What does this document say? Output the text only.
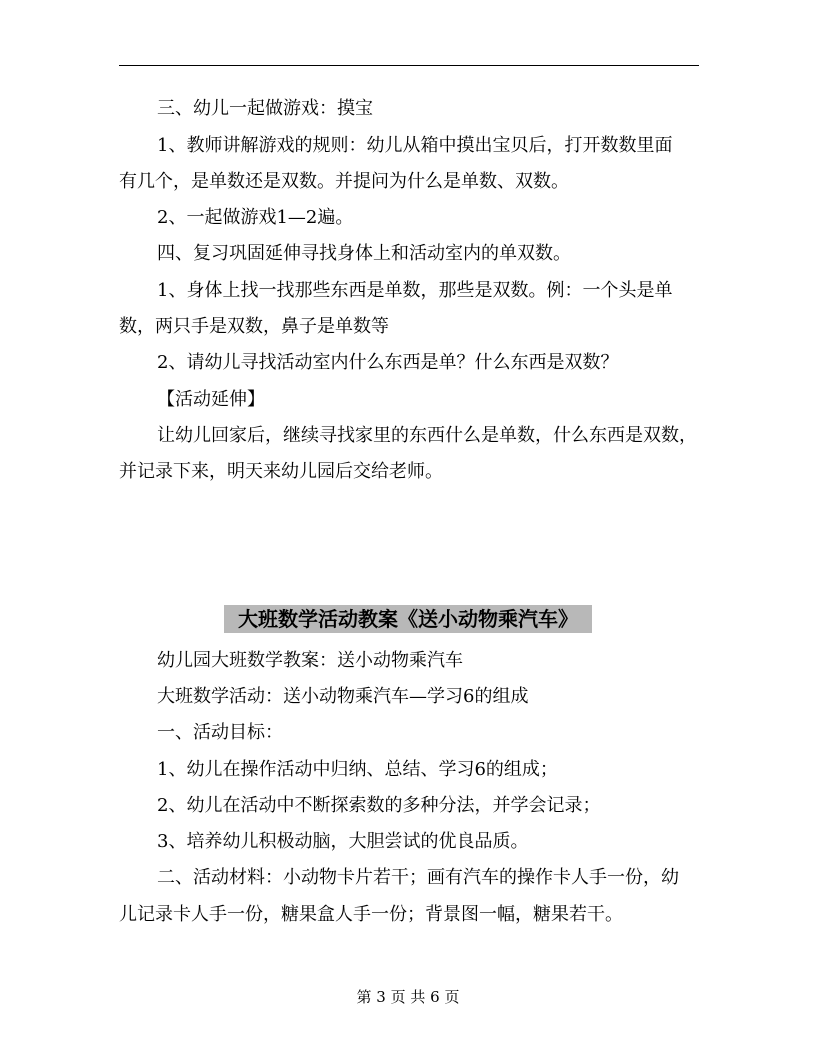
三、幼儿一起做游戏：摸宝
1、教师讲解游戏的规则：幼儿从箱中摸出宝贝后，打开数数里面
有几个，是单数还是双数。并提问为什么是单数、双数。
2、一起做游戏1—2遍。
四、复习巩固延伸寻找身体上和活动室内的单双数。
1、身体上找一找那些东西是单数，那些是双数。例：一个头是单
数，两只手是双数，鼻子是单数等
2、请幼儿寻找活动室内什么东西是单？什么东西是双数？
【活动延伸】
让幼儿回家后，继续寻找家里的东西什么是单数，什么东西是双数，
并记录下来，明天来幼儿园后交给老师。
大班数学活动教案《送小动物乘汽车》
幼儿园大班数学教案：送小动物乘汽车
大班数学活动：送小动物乘汽车—学习6的组成
一、活动目标：
1、幼儿在操作活动中归纳、总结、学习6的组成；
2、幼儿在活动中不断探索数的多种分法，并学会记录；
3、培养幼儿积极动脑，大胆尝试的优良品质。
二、活动材料：小动物卡片若干；画有汽车的操作卡人手一份，幼
儿记录卡人手一份，糖果盒人手一份；背景图一幅，糖果若干。
第 3 页 共 6 页
